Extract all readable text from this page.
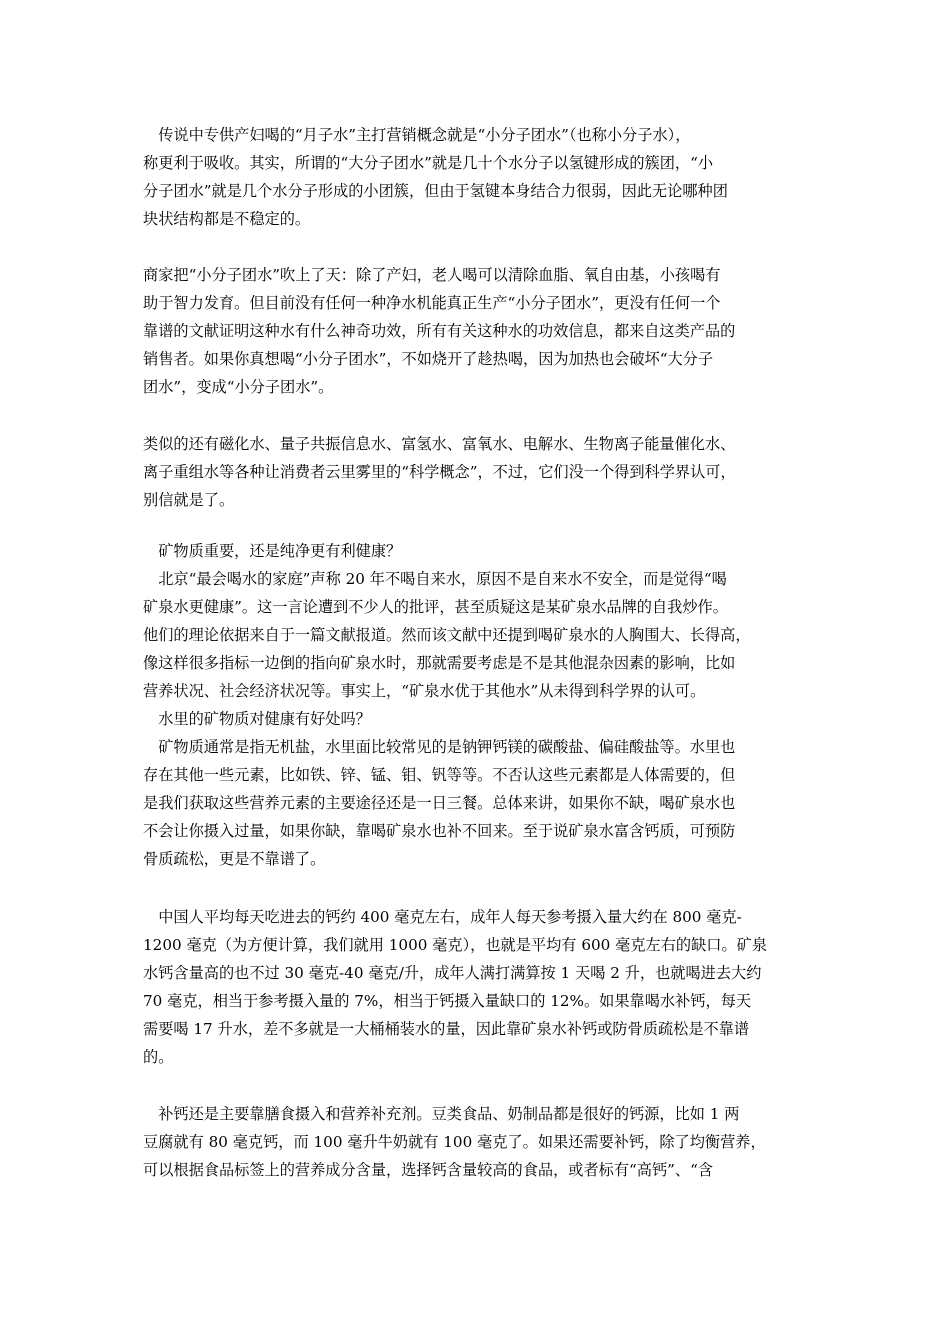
　传说中专供产妇喝的“月子水”主打营销概念就是“小分子团水”（也称小分子水），
称更利于吸收。其实，所谓的“大分子团水”就是几十个水分子以氢键形成的簇团，“小
分子团水”就是几个水分子形成的小团簇，但由于氢键本身结合力很弱，因此无论哪种团
块状结构都是不稳定的。
商家把“小分子团水”吹上了天：除了产妇，老人喝可以清除血脂、氧自由基，小孩喝有
助于智力发育。但目前没有任何一种净水机能真正生产“小分子团水”，更没有任何一个
靠谱的文献证明这种水有什么神奇功效，所有有关这种水的功效信息，都来自这类产品的
销售者。如果你真想喝“小分子团水”，不如烧开了趁热喝，因为加热也会破坏“大分子
团水”，变成“小分子团水”。
类似的还有磁化水、量子共振信息水、富氢水、富氧水、电解水、生物离子能量催化水、
离子重组水等各种让消费者云里雾里的“科学概念”，不过，它们没一个得到科学界认可，
别信就是了。
　矿物质重要，还是纯净更有利健康？
　北京“最会喝水的家庭”声称 20 年不喝自来水，原因不是自来水不安全，而是觉得“喝
矿泉水更健康”。这一言论遭到不少人的批评，甚至质疑这是某矿泉水品牌的自我炒作。
他们的理论依据来自于一篇文献报道。然而该文献中还提到喝矿泉水的人胸围大、长得高，
像这样很多指标一边倒的指向矿泉水时，那就需要考虑是不是其他混杂因素的影响，比如
营养状况、社会经济状况等。事实上，“矿泉水优于其他水”从未得到科学界的认可。
　水里的矿物质对健康有好处吗？
　矿物质通常是指无机盐，水里面比较常见的是钠钾钙镁的碳酸盐、偏硅酸盐等。水里也
存在其他一些元素，比如铁、锌、锰、钼、钒等等。不否认这些元素都是人体需要的，但
是我们获取这些营养元素的主要途径还是一日三餐。总体来讲，如果你不缺，喝矿泉水也
不会让你摄入过量，如果你缺，靠喝矿泉水也补不回来。至于说矿泉水富含钙质，可预防
骨质疏松，更是不靠谱了。
　中国人平均每天吃进去的钙约 400 毫克左右，成年人每天参考摄入量大约在 800 毫克-
1200 毫克（为方便计算，我们就用 1000 毫克），也就是平均有 600 毫克左右的缺口。矿泉
水钙含量高的也不过 30 毫克-40 毫克/升，成年人满打满算按 1 天喝 2 升，也就喝进去大约
70 毫克，相当于参考摄入量的 7%，相当于钙摄入量缺口的 12%。如果靠喝水补钙，每天
需要喝 17 升水，差不多就是一大桶桶装水的量，因此靠矿泉水补钙或防骨质疏松是不靠谱
的。
　补钙还是主要靠膳食摄入和营养补充剂。豆类食品、奶制品都是很好的钙源，比如 1 两
豆腐就有 80 毫克钙，而 100 毫升牛奶就有 100 毫克了。如果还需要补钙，除了均衡营养，
可以根据食品标签上的营养成分含量，选择钙含量较高的食品，或者标有“高钙”、“含
